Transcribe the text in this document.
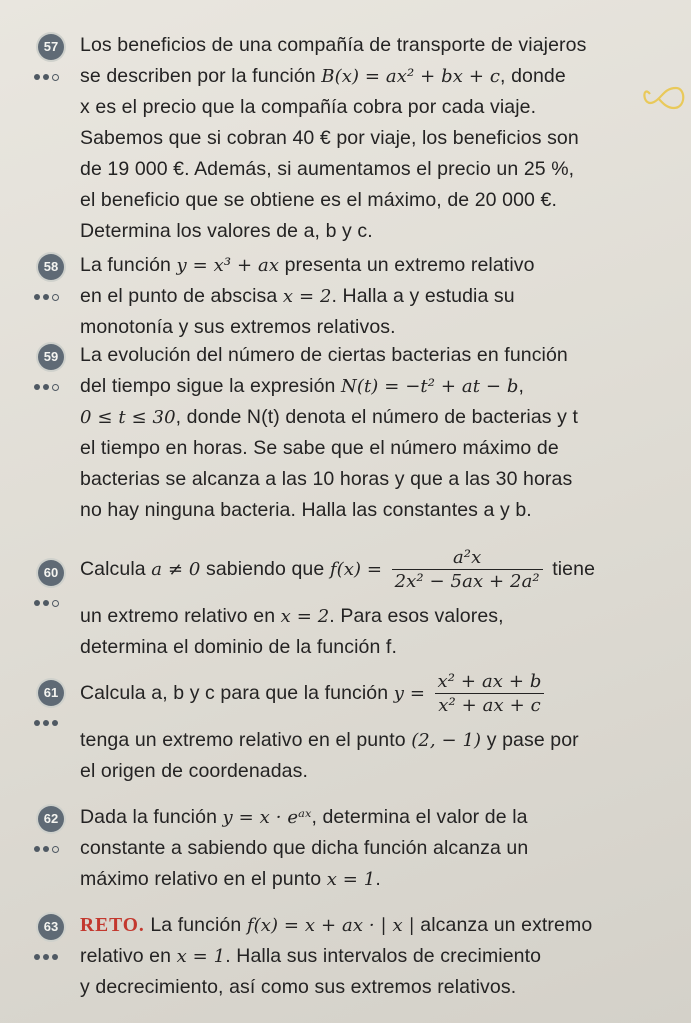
57 Los beneficios de una compañía de transporte de viajeros

se describen por la función B(x) = ax² + bx + c, donde

x es el precio que la compañía cobra por cada viaje.

Sabemos que si cobran 40 € por viaje, los beneficios son

de 19 000 €. Además, si aumentamos el precio un 25 %,

el beneficio que se obtiene es el máximo, de 20 000 €.

Determina los valores de a, b y c.

58 La función y = x³ + ax presenta un extremo relativo

en el punto de abscisa x = 2. Halla a y estudia su

monotonía y sus extremos relativos.

59 La evolución del número de ciertas bacterias en función

del tiempo sigue la expresión N(t) = −t² + at − b,

0 ≤ t ≤ 30, donde N(t) denota el número de bacterias y t

el tiempo en horas. Se sabe que el número máximo de

bacterias se alcanza a las 10 horas y que a las 30 horas

no hay ninguna bacteria. Halla las constantes a y b.

60 Calcula a ≠ 0 sabiendo que $f(x) = \frac{\text{a²x}}{\text{2x² − 5ax + 2a²}}$ tiene

un extremo relativo en x = 2. Para esos valores,

determina el dominio de la función f.

61 Calcula a, b y c para que la función $y = \frac{\text{x² + ax + b}}{\text{x² + ax + c}}$

tenga un extremo relativo en el punto (2, − 1) y pase por

el origen de coordenadas.

62 Dada la función y = x · eᵃˣ, determina el valor de la

constante a sabiendo que dicha función alcanza un

máximo relativo en el punto x = 1.

63 RETO. La función f(x) = x + ax · | x | alcanza un extremo

relativo en x = 1. Halla sus intervalos de crecimiento

y decrecimiento, así como sus extremos relativos.
